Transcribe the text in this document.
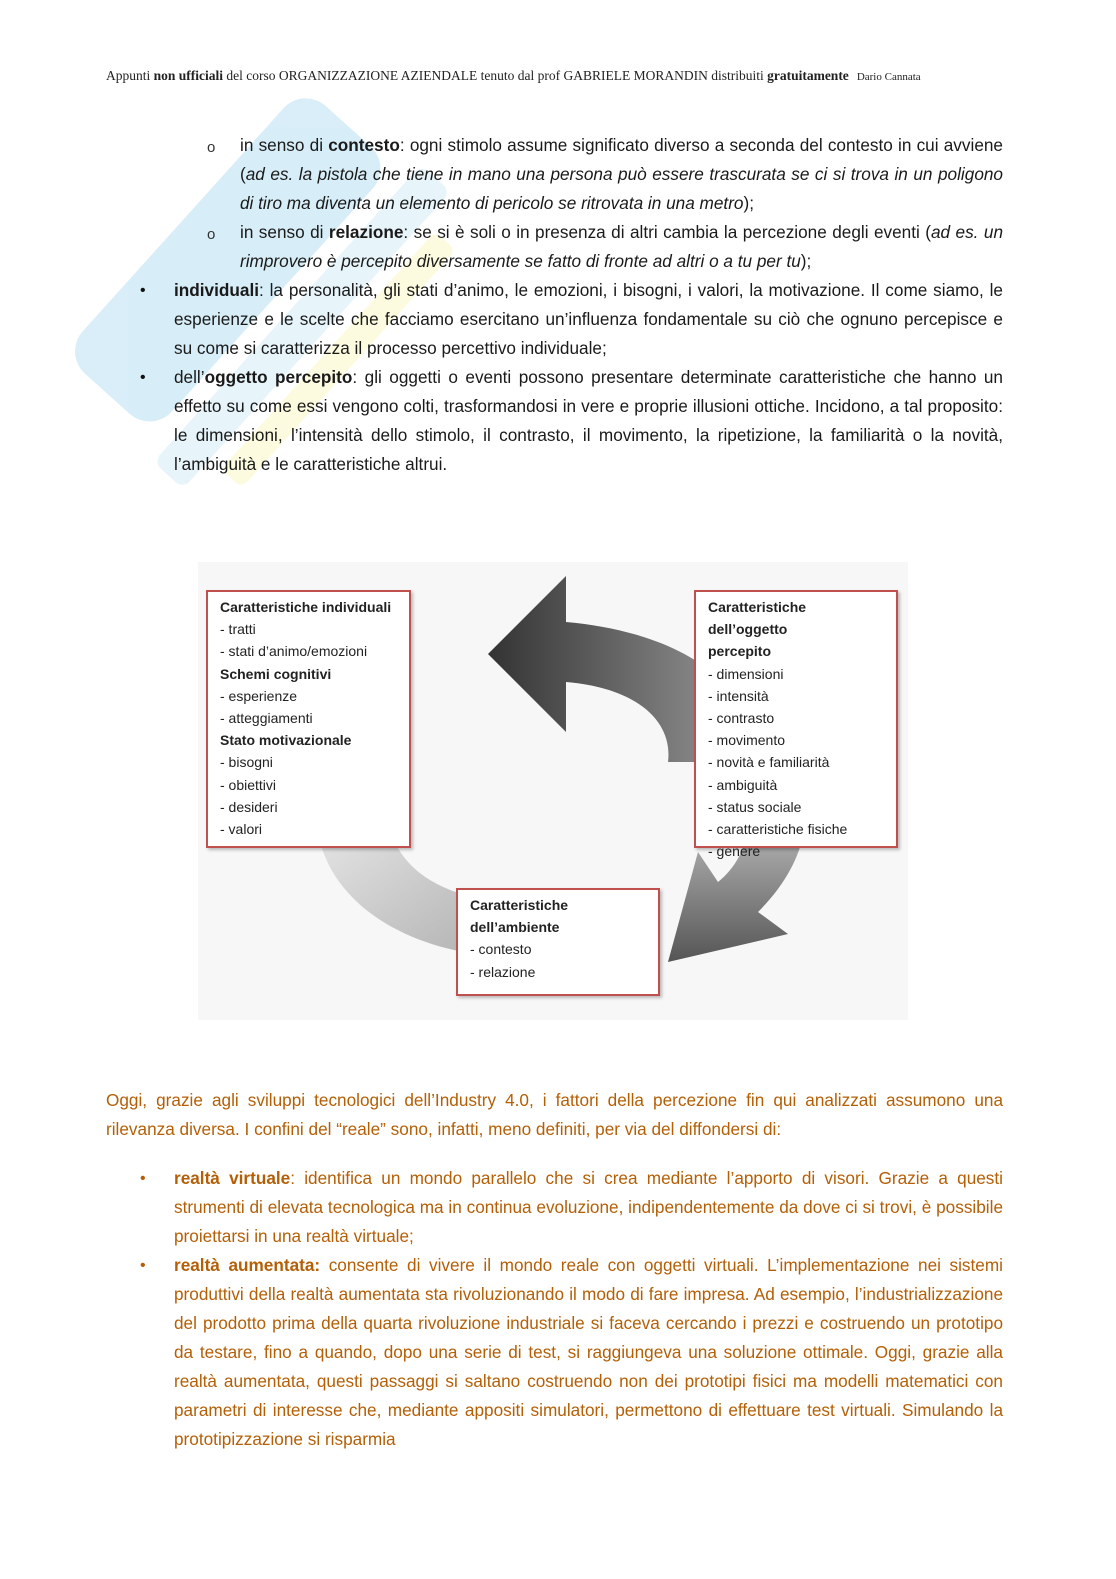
Appunti non ufficiali del corso ORGANIZZAZIONE AZIENDALE tenuto dal prof GABRIELE MORANDIN distribuiti gratuitamente Dario Cannata
o in senso di contesto: ogni stimolo assume significato diverso a seconda del contesto in cui avviene (ad es. la pistola che tiene in mano una persona può essere trascurata se ci si trova in un poligono di tiro ma diventa un elemento di pericolo se ritrovata in una metro);
o in senso di relazione: se si è soli o in presenza di altri cambia la percezione degli eventi (ad es. un rimprovero è percepito diversamente se fatto di fronte ad altri o a tu per tu);
• individuali: la personalità, gli stati d’animo, le emozioni, i bisogni, i valori, la motivazione. Il come siamo, le esperienze e le scelte che facciamo esercitano un’influenza fondamentale su ciò che ognuno percepisce e su come si caratterizza il processo percettivo individuale;
• dell’oggetto percepito: gli oggetti o eventi possono presentare determinate caratteristiche che hanno un effetto su come essi vengono colti, trasformandosi in vere e proprie illusioni ottiche. Incidono, a tal proposito: le dimensioni, l’intensità dello stimolo, il contrasto, il movimento, la ripetizione, la familiarità o la novità, l’ambiguità e le caratteristiche altrui.
Caratteristiche individuali
- tratti
- stati d’animo/emozioni
Schemi cognitivi
- esperienze
- atteggiamenti
Stato motivazionale
- bisogni
- obiettivi
- desideri
- valori
Caratteristiche dell’oggetto
percepito
- dimensioni
- intensità
- contrasto
- movimento
- novità e familiarità
- ambiguità
- status sociale
- caratteristiche fisiche
- genere
Caratteristiche
dell’ambiente
- contesto
- relazione
Oggi, grazie agli sviluppi tecnologici dell’Industry 4.0, i fattori della percezione fin qui analizzati assumono una rilevanza diversa. I confini del “reale” sono, infatti, meno definiti, per via del diffondersi di:
• realtà virtuale: identifica un mondo parallelo che si crea mediante l’apporto di visori. Grazie a questi strumenti di elevata tecnologica ma in continua evoluzione, indipendentemente da dove ci si trovi, è possibile proiettarsi in una realtà virtuale;
• realtà aumentata: consente di vivere il mondo reale con oggetti virtuali. L’implementazione nei sistemi produttivi della realtà aumentata sta rivoluzionando il modo di fare impresa. Ad esempio, l’industrializzazione del prodotto prima della quarta rivoluzione industriale si faceva cercando i prezzi e costruendo un prototipo da testare, fino a quando, dopo una serie di test, si raggiungeva una soluzione ottimale. Oggi, grazie alla realtà aumentata, questi passaggi si saltano costruendo non dei prototipi fisici ma modelli matematici con parametri di interesse che, mediante appositi simulatori, permettono di effettuare test virtuali. Simulando la prototipizzazione si risparmia
